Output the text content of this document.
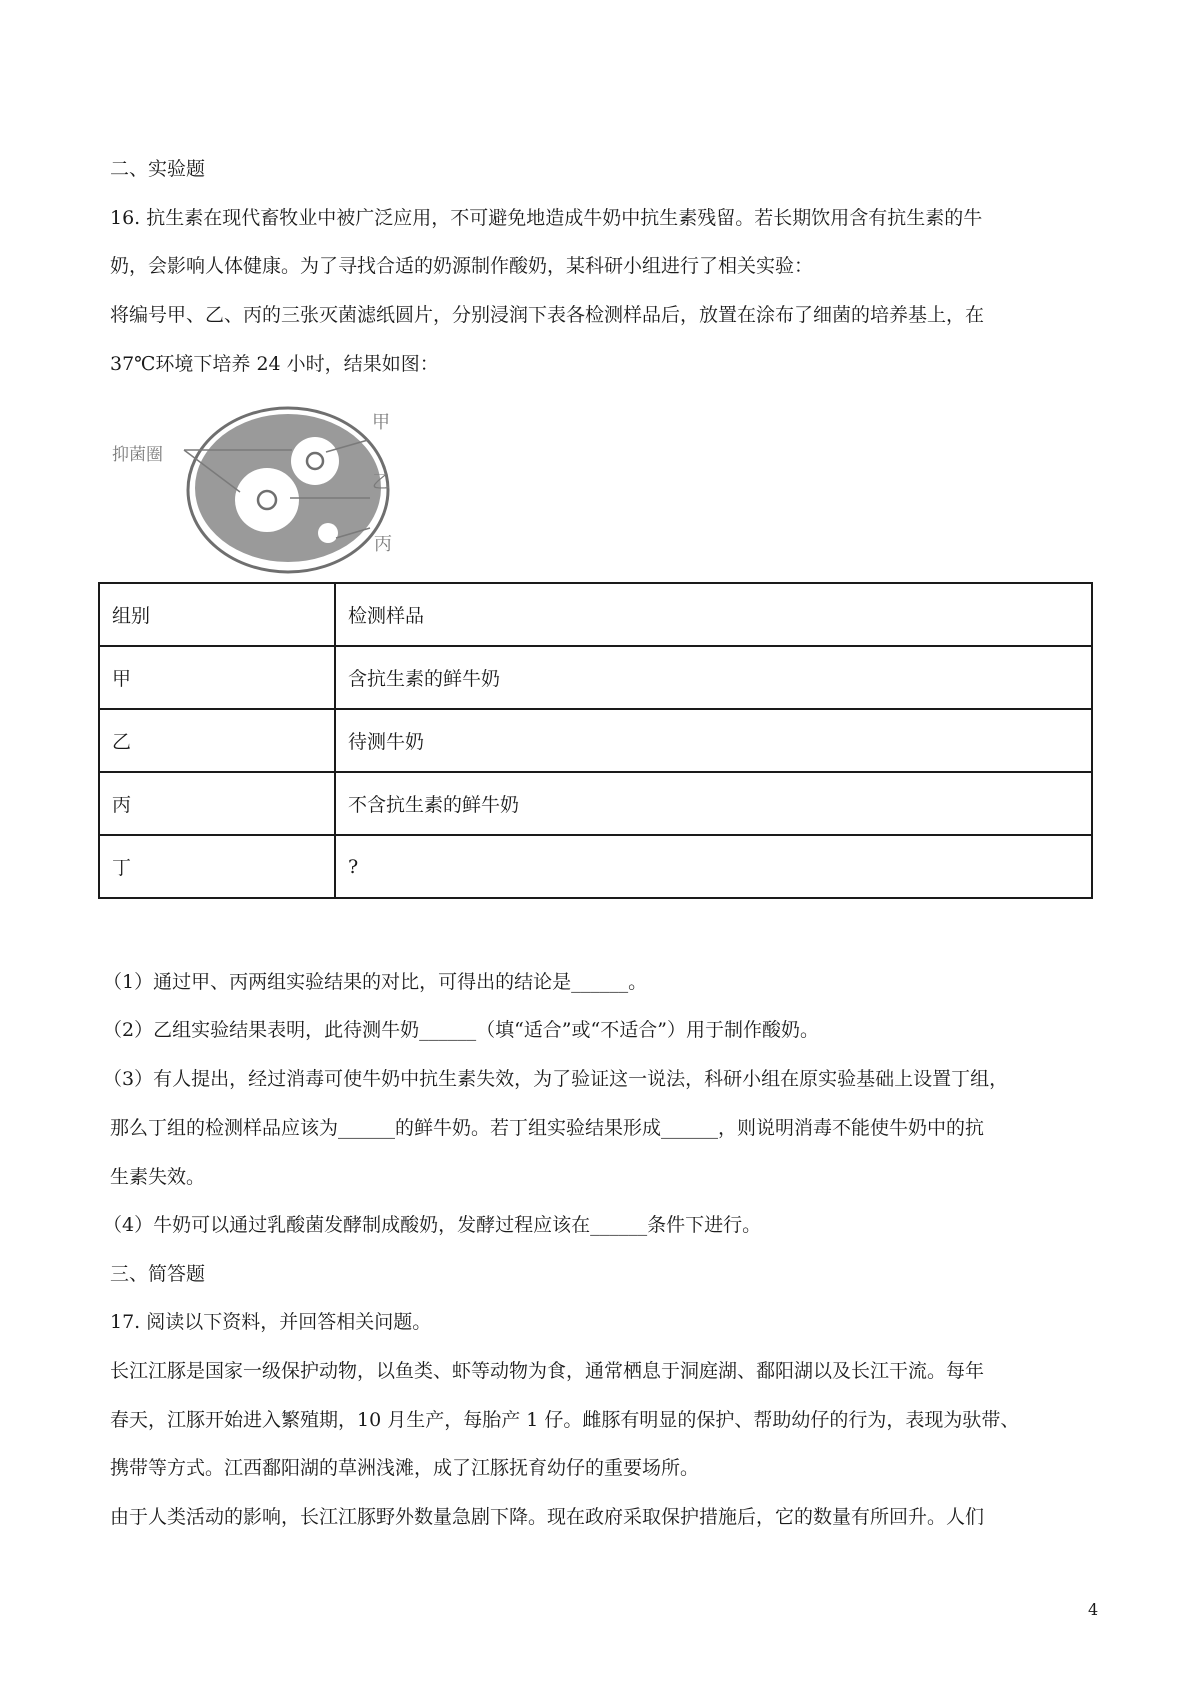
二、实验题
16. 抗生素在现代畜牧业中被广泛应用，不可避免地造成牛奶中抗生素残留。若长期饮用含有抗生素的牛
奶，会影响人体健康。为了寻找合适的奶源制作酸奶，某科研小组进行了相关实验：
将编号甲、乙、丙的三张灭菌滤纸圆片，分别浸润下表各检测样品后，放置在涂布了细菌的培养基上，在
37℃环境下培养 24 小时，结果如图：
抑菌圈
甲
乙
丙
组别	检测样品
甲	含抗生素的鲜牛奶
乙	待测牛奶
丙	不含抗生素的鲜牛奶
丁	?
（1）通过甲、丙两组实验结果的对比，可得出的结论是______。
（2）乙组实验结果表明，此待测牛奶______（填“适合”或“不适合”）用于制作酸奶。
（3）有人提出，经过消毒可使牛奶中抗生素失效，为了验证这一说法，科研小组在原实验基础上设置丁组，
那么丁组的检测样品应该为______的鲜牛奶。若丁组实验结果形成______，则说明消毒不能使牛奶中的抗
生素失效。
（4）牛奶可以通过乳酸菌发酵制成酸奶，发酵过程应该在______条件下进行。
三、简答题
17. 阅读以下资料，并回答相关问题。
长江江豚是国家一级保护动物，以鱼类、虾等动物为食，通常栖息于洞庭湖、鄱阳湖以及长江干流。每年
春天，江豚开始进入繁殖期，10 月生产，每胎产 1 仔。雌豚有明显的保护、帮助幼仔的行为，表现为驮带、
携带等方式。江西鄱阳湖的草洲浅滩，成了江豚抚育幼仔的重要场所。
由于人类活动的影响，长江江豚野外数量急剧下降。现在政府采取保护措施后，它的数量有所回升。人们
4
